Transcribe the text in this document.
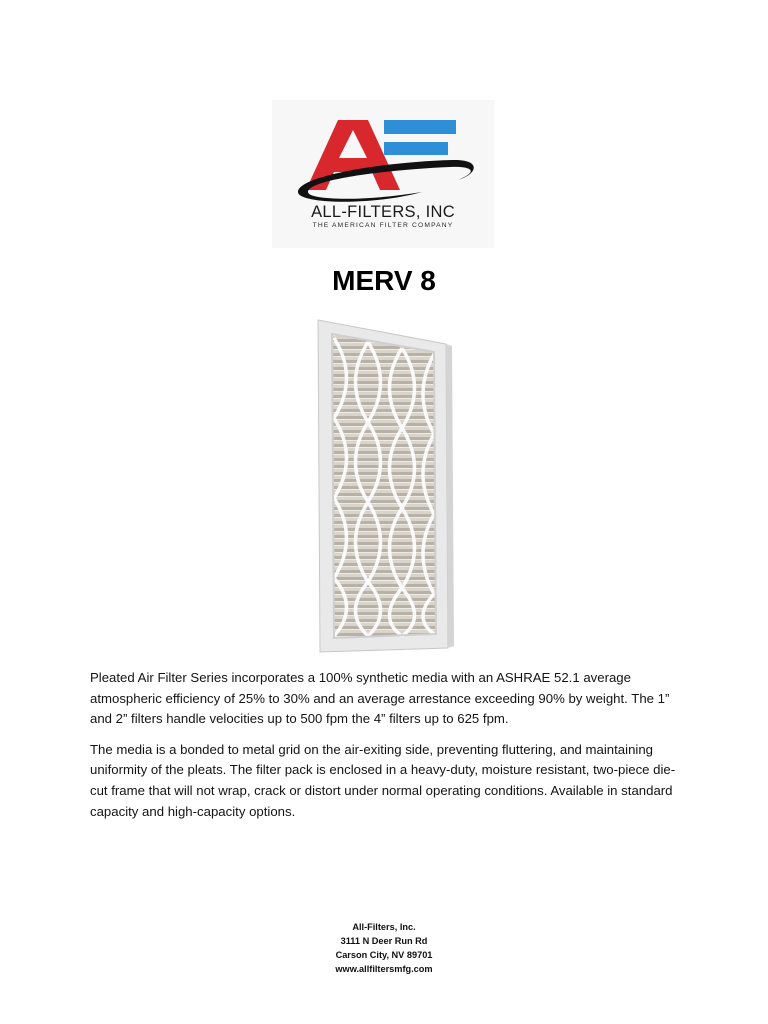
ALL-FILTERS, INC
THE AMERICAN FILTER COMPANY
MERV 8

Pleated Air Filter Series incorporates a 100% synthetic media with an ASHRAE 52.1 average atmospheric efficiency of 25% to 30% and an average arrestance exceeding 90% by weight. The 1” and 2” filters handle velocities up to 500 fpm the 4” filters up to 625 fpm.

The media is a bonded to metal grid on the air-exiting side, preventing fluttering, and maintaining uniformity of the pleats. The filter pack is enclosed in a heavy-duty, moisture resistant, two-piece die-cut frame that will not wrap, crack or distort under normal operating conditions. Available in standard capacity and high-capacity options.

All-Filters, Inc.
3111 N Deer Run Rd
Carson City, NV 89701
www.allfiltersmfg.com
